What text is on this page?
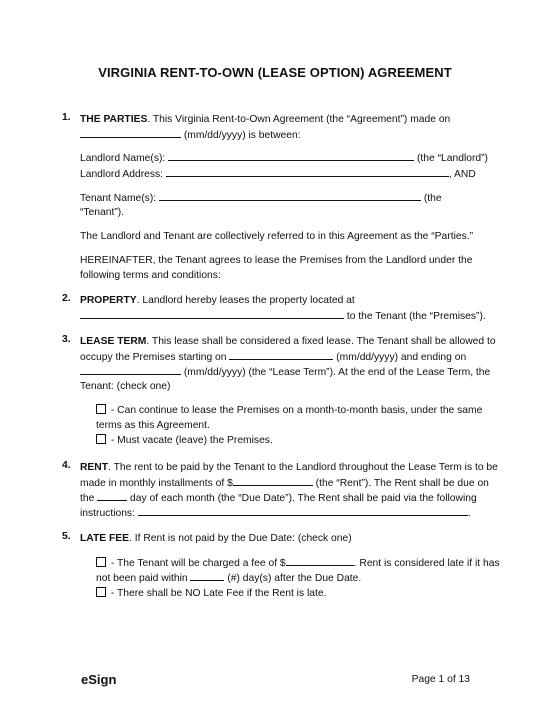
VIRGINIA RENT-TO-OWN (LEASE OPTION) AGREEMENT
1. THE PARTIES. This Virginia Rent-to-Own Agreement (the “Agreement”) made on
(mm/dd/yyyy) is between:
Landlord Name(s):	(the “Landlord”)
Landlord Address:	, AND
Tenant Name(s):	(the
“Tenant”).
The Landlord and Tenant are collectively referred to in this Agreement as the “Parties.”
HEREINAFTER, the Tenant agrees to lease the Premises from the Landlord under the
following terms and conditions:
2. PROPERTY. Landlord hereby leases the property located at
to the Tenant (the “Premises”).
3. LEASE TERM. This lease shall be considered a fixed lease. The Tenant shall be allowed to
occupy the Premises starting on	(mm/dd/yyyy) and ending on
(mm/dd/yyyy) (the “Lease Term”). At the end of the Lease Term, the
Tenant: (check one)
- Can continue to lease the Premises on a month-to-month basis, under the same
terms as this Agreement.
- Must vacate (leave) the Premises.
4. RENT. The rent to be paid by the Tenant to the Landlord throughout the Lease Term is to be
made in monthly installments of $	(the “Rent”). The Rent shall be due on
the	day of each month (the “Due Date”). The Rent shall be paid via the following
instructions:	.
5. LATE FEE. If Rent is not paid by the Due Date: (check one)
- The Tenant will be charged a fee of $	. Rent is considered late if it has
not been paid within	(#) day(s) after the Due Date.
- There shall be NO Late Fee if the Rent is late.
eSign	Page 1 of 13
